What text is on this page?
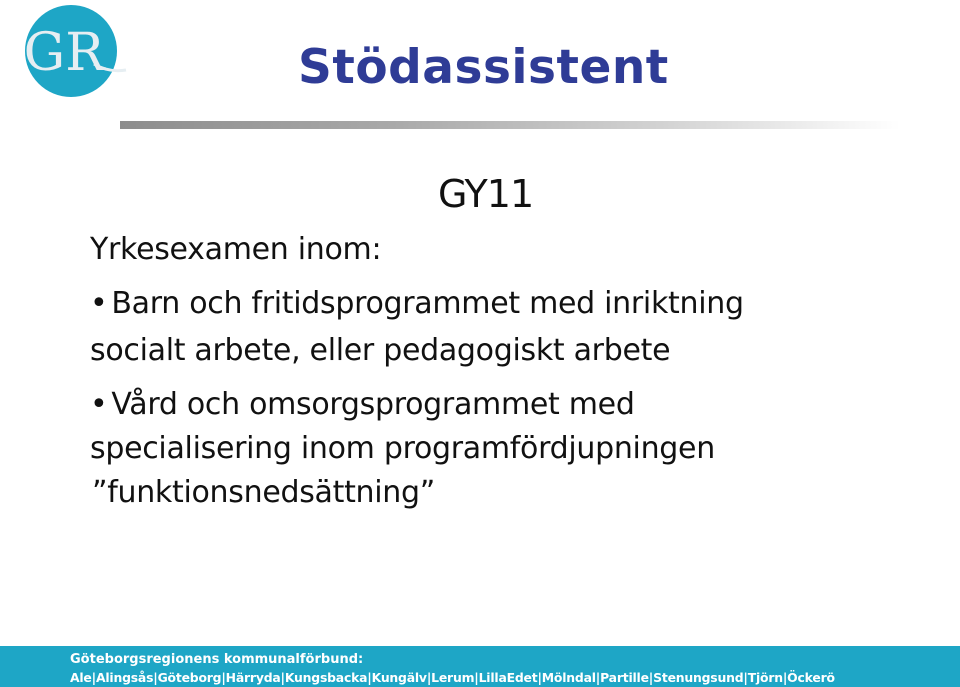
GR	Stödassistent
GY11
Yrkesexamen inom:
• Barn och fritidsprogrammet med inriktning
socialt arbete, eller pedagogiskt arbete
• Vård och omsorgsprogrammet med
specialisering inom programfördjupningen
”funktionsnedsättning”
Göteborgsregionens kommunalförbund:
Ale|Alingsås|Göteborg|Härryda|Kungsbacka|Kungälv|Lerum|LillaEdet|Mölndal|Partille|Stenungsund|Tjörn|Öckerö
